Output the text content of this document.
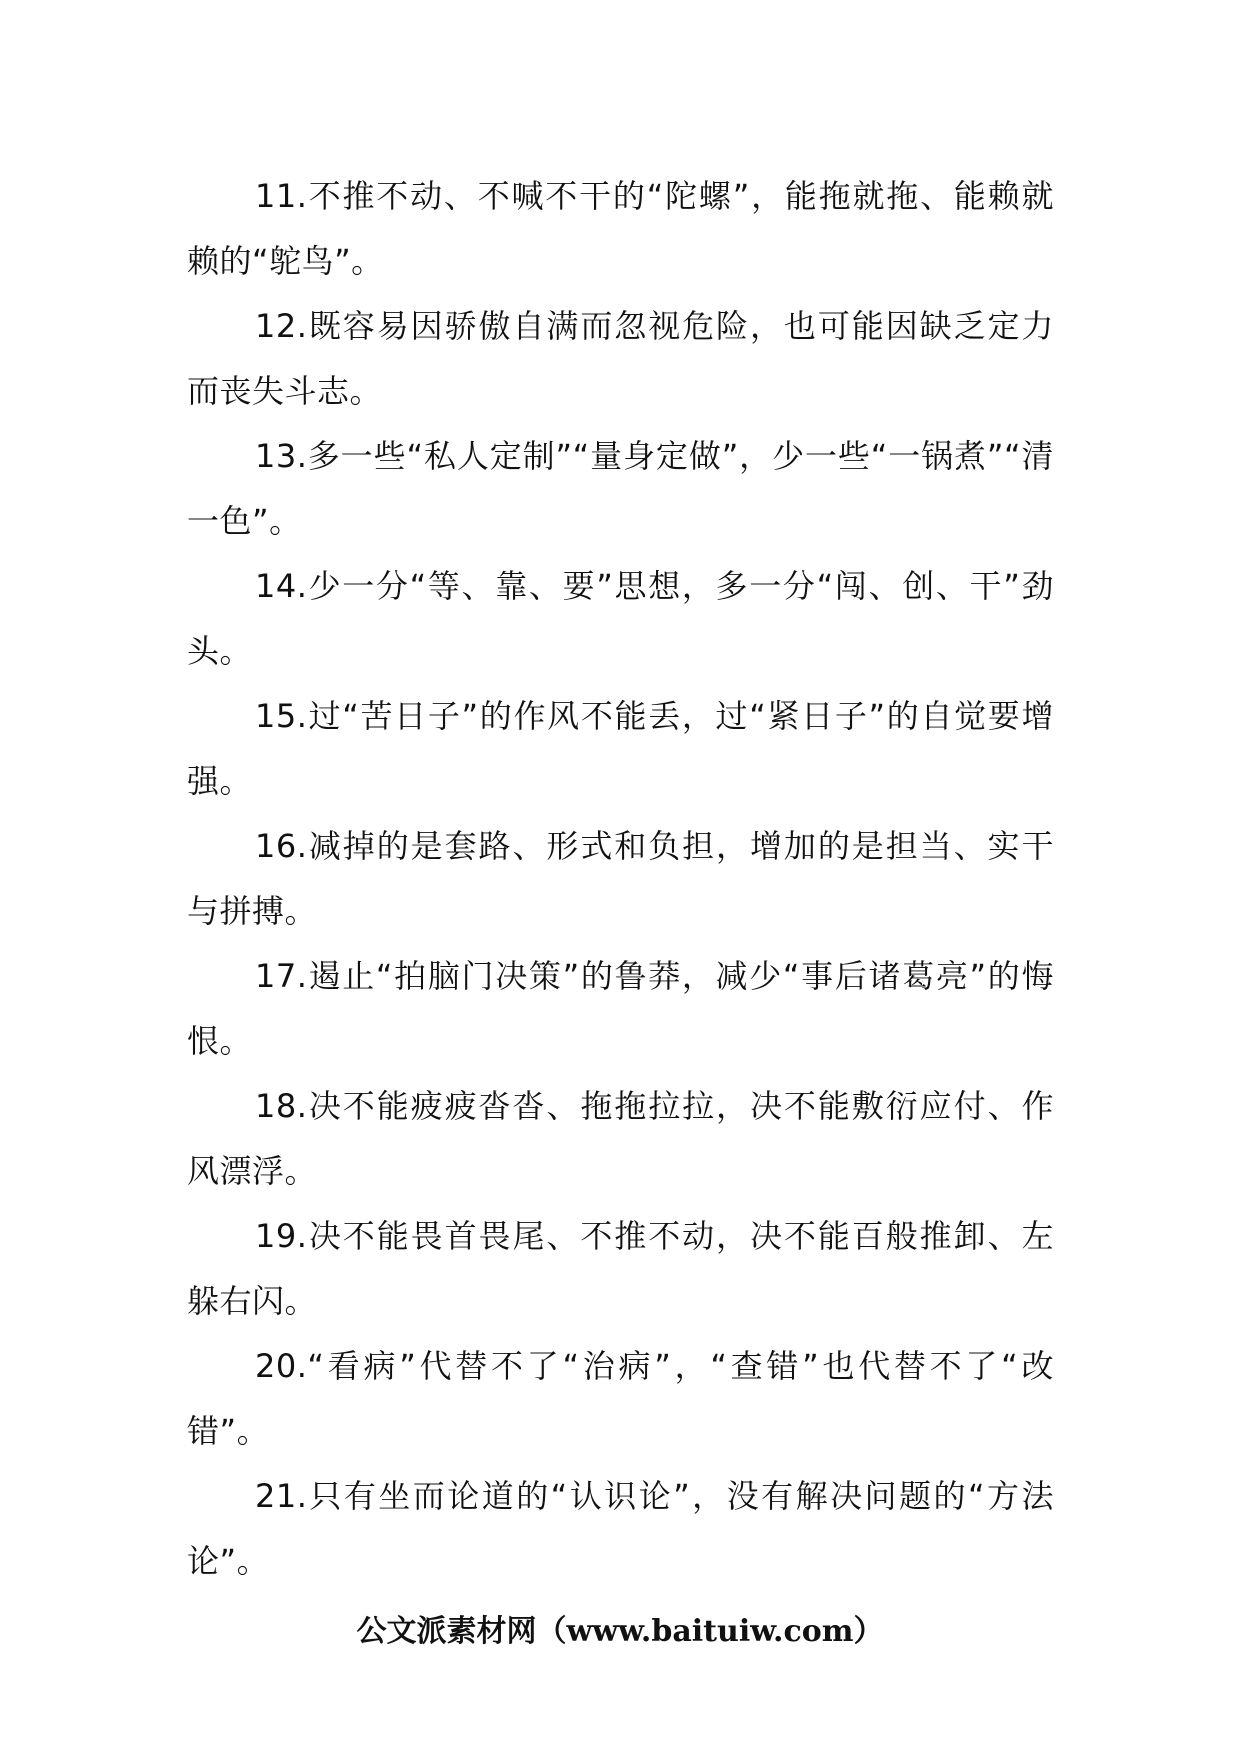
11.不推不动、不喊不干的“陀螺”，能拖就拖、能赖就赖的“鸵鸟”。

12.既容易因骄傲自满而忽视危险，也可能因缺乏定力而丧失斗志。

13.多一些“私人定制”“量身定做”，少一些“一锅煮”“清一色”。

14.少一分“等、靠、要”思想，多一分“闯、创、干”劲头。

15.过“苦日子”的作风不能丢，过“紧日子”的自觉要增强。

16.减掉的是套路、形式和负担，增加的是担当、实干与拼搏。

17.遏止“拍脑门决策”的鲁莽，减少“事后诸葛亮”的悔恨。

18.决不能疲疲沓沓、拖拖拉拉，决不能敷衍应付、作风漂浮。

19.决不能畏首畏尾、不推不动，决不能百般推卸、左躲右闪。

20.“看病”代替不了“治病”，“查错”也代替不了“改错”。

21.只有坐而论道的“认识论”，没有解决问题的“方法论”。

公文派素材网（www.baituiw.com）
